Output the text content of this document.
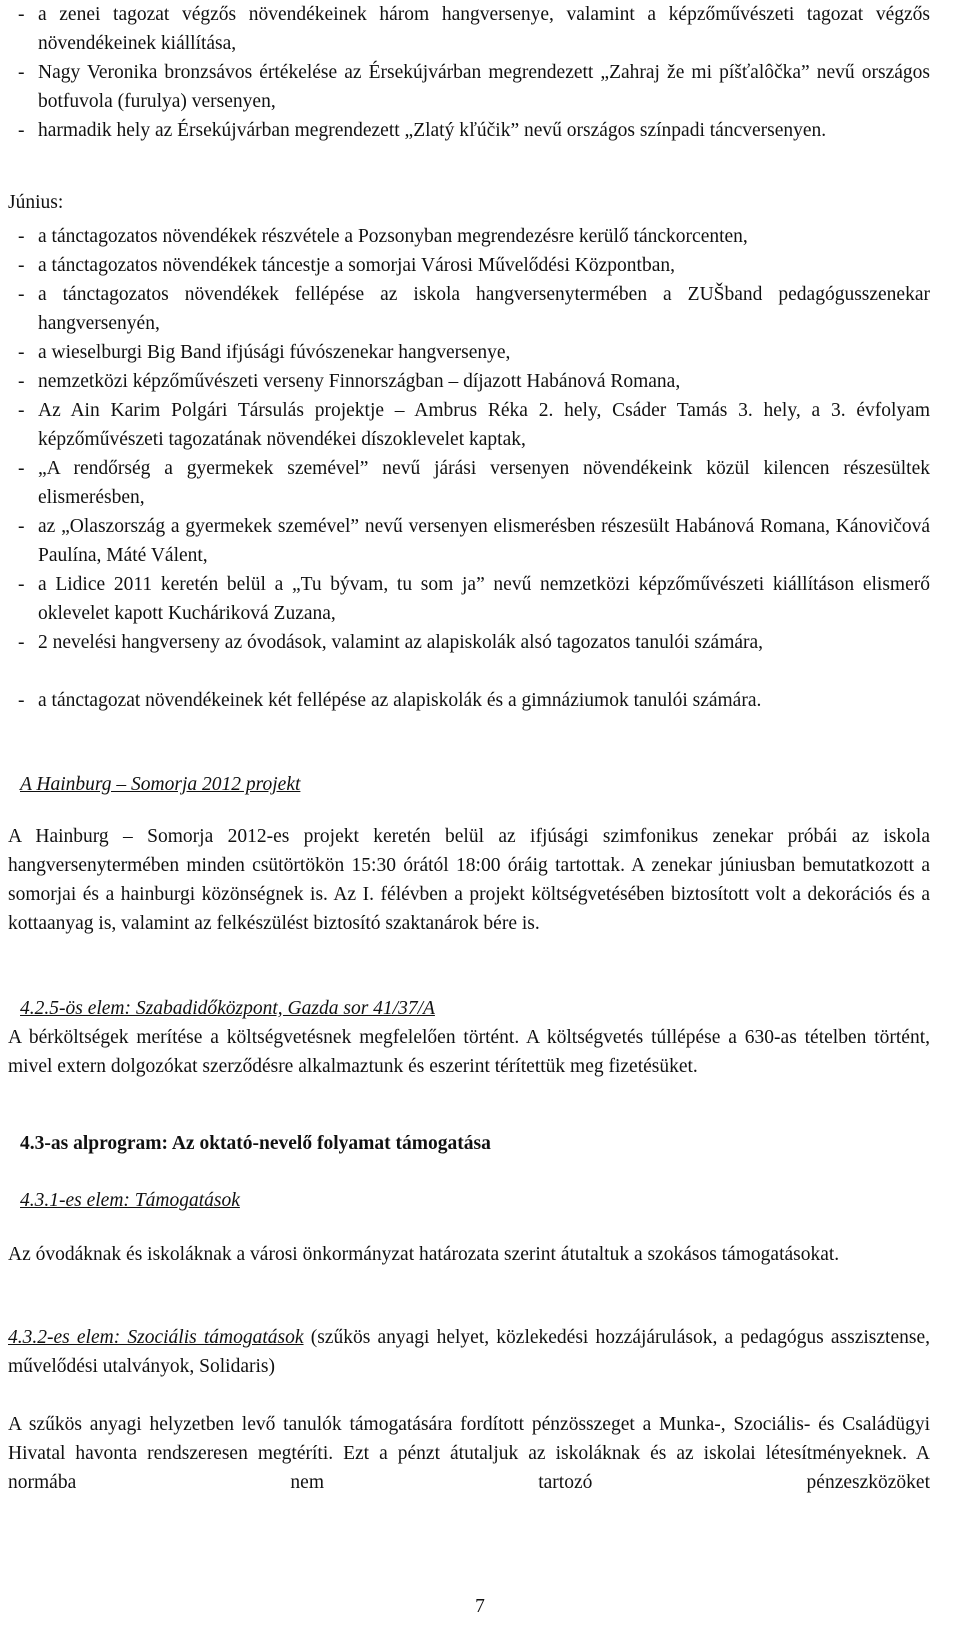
- a zenei tagozat végzős növendékeinek három hangversenye, valamint a képzőművészeti tagozat végzős növendékeinek kiállítása,
- Nagy Veronika bronzsávos értékelése az Érsekújvárban megrendezett „Zahraj že mi píšťalôčka” nevű országos botfuvola (furulya) versenyen,
- harmadik hely az Érsekújvárban megrendezett „Zlatý kľúčik” nevű országos színpadi táncversenyen.
Június:
- a tánctagozatos növendékek részvétele a Pozsonyban megrendezésre kerülő tánckorcenten,
- a tánctagozatos növendékek táncestje a somorjai Városi Művelődési Központban,
- a tánctagozatos növendékek fellépése az iskola hangversenytermében a ZUŠband pedagógusszenekar hangversenyén,
- a wieselburgi Big Band ifjúsági fúvószenekar hangversenye,
- nemzetközi képzőművészeti verseny Finnországban – díjazott Habánová Romana,
- Az Ain Karim Polgári Társulás projektje – Ambrus Réka 2. hely, Csáder Tamás 3. hely, a 3. évfolyam képzőművészeti tagozatának növendékei díszoklevelet kaptak,
- „A rendőrség a gyermekek szemével” nevű járási versenyen növendékeink közül kilencen részesültek elismerésben,
- az „Olaszország a gyermekek szemével” nevű versenyen elismerésben részesült Habánová Romana, Kánovičová Paulína, Máté Válent,
- a Lidice 2011 keretén belül a „Tu bývam, tu som ja” nevű nemzetközi képzőművészeti kiállításon elismerő oklevelet kapott Kucháriková Zuzana,
- 2 nevelési hangverseny az óvodások, valamint az alapiskolák alsó tagozatos tanulói számára,
- a tánctagozat növendékeinek két fellépése az alapiskolák és a gimnáziumok tanulói számára.
A Hainburg – Somorja 2012 projekt
A Hainburg – Somorja 2012-es projekt keretén belül az ifjúsági szimfonikus zenekar próbái az iskola hangversenytermében minden csütörtökön 15:30 órától 18:00 óráig tartottak. A zenekar júniusban bemutatkozott a somorjai és a hainburgi közönségnek is. Az I. félévben a projekt költségvetésében biztosított volt a dekorációs és a kottaanyag is, valamint az felkészülést biztosító szaktanárok bére is.
4.2.5-ös elem: Szabadidőközpont, Gazda sor 41/37/A
A bérköltségek merítése a költségvetésnek megfelelően történt. A költségvetés túllépése a 630-as tételben történt, mivel extern dolgozókat szerződésre alkalmaztunk és eszerint térítettük meg fizetésüket.
4.3-as alprogram: Az oktató-nevelő folyamat támogatása
4.3.1-es elem: Támogatások
Az óvodáknak és iskoláknak a városi önkormányzat határozata szerint átutaltuk a szokásos támogatásokat.
4.3.2-es elem: Szociális támogatások (szűkös anyagi helyet, közlekedési hozzájárulások, a pedagógus asszisztense, művelődési utalványok, Solidaris)
A szűkös anyagi helyzetben levő tanulók támogatására fordított pénzösszeget a Munka-, Szociális- és Családügyi Hivatal havonta rendszeresen megtéríti. Ezt a pénzt átutaljuk az iskoláknak és az iskolai létesítményeknek. A normába nem tartozó pénzeszközöket
7
